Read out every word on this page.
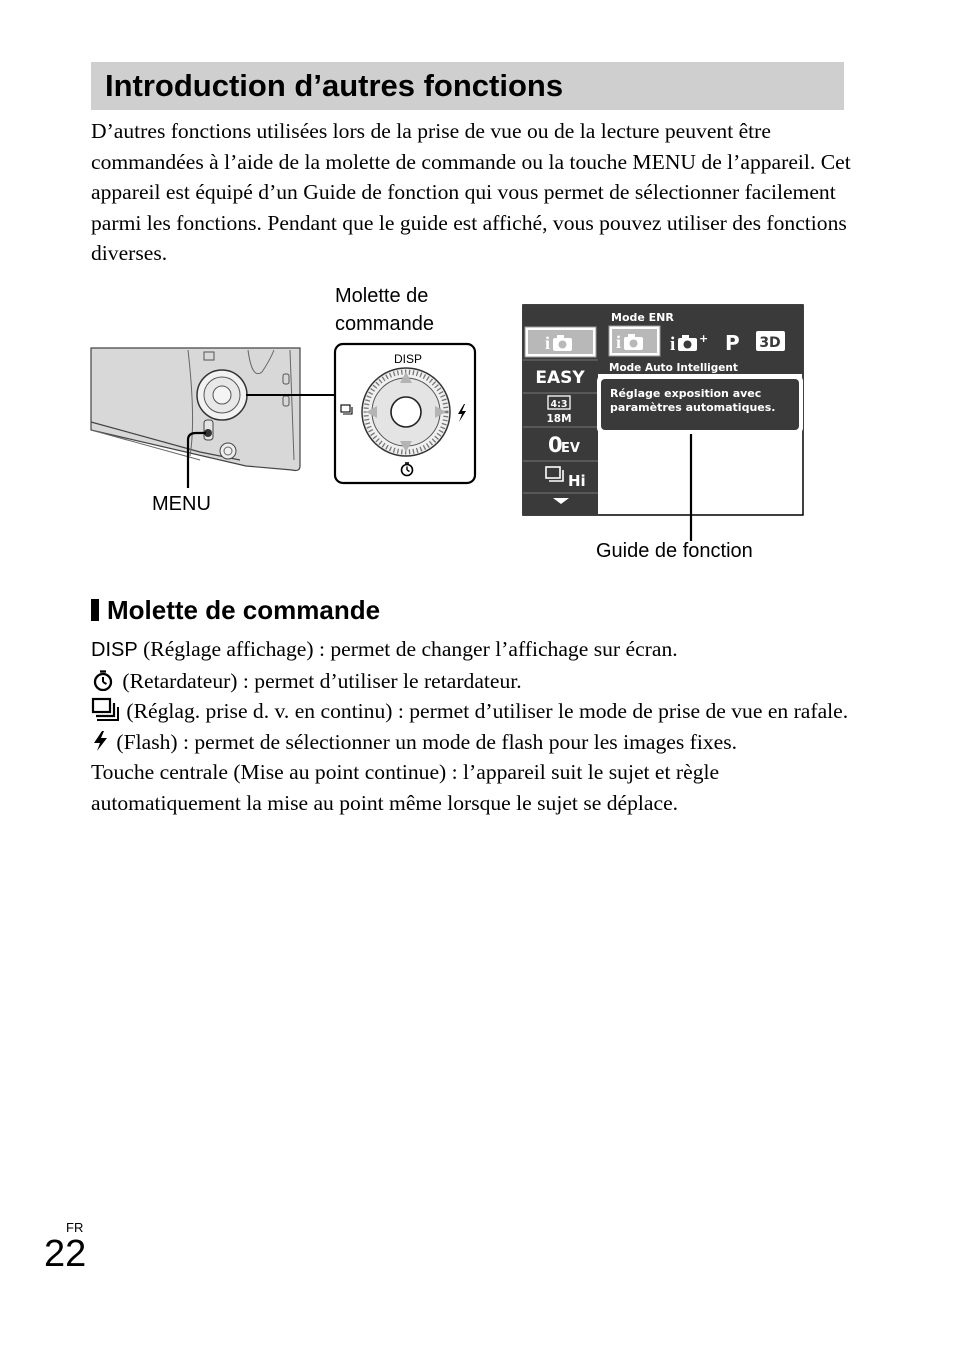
Introduction d’autres fonctions

D’autres fonctions utilisées lors de la prise de vue ou de la lecture peuvent être commandées à l’aide de la molette de commande ou la touche MENU de l’appareil. Cet appareil est équipé d’un Guide de fonction qui vous permet de sélectionner facilement parmi les fonctions. Pendant que le guide est affiché, vous pouvez utiliser des fonctions diverses.

DISP
Mode ENR
Mode Auto Intelligent
i
EASY
4:3
18M
0
EV
Hi
i	i + P 3D
Réglage exposition avec
paramètres automatiques.

Molette de

commande

MENU

Guide de fonction

Molette de commande

DISP (Réglage affichage) : permet de changer l’affichage sur écran.

(Retardateur) : permet d’utiliser le retardateur.

(Réglag. prise d. v. en continu) : permet d’utiliser le mode de prise de vue en rafale.

(Flash) : permet de sélectionner un mode de flash pour les images fixes.

Touche centrale (Mise au point continue) : l’appareil suit le sujet et règle automatiquement la mise au point même lorsque le sujet se déplace.

FR

22
